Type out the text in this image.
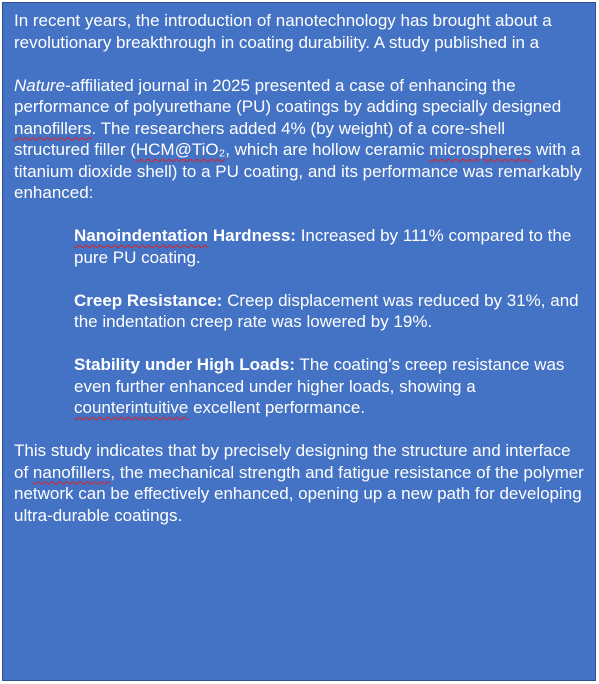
In recent years, the introduction of nanotechnology has brought about a revolutionary breakthrough in coating durability. A study published in a

Nature-affiliated journal in 2025 presented a case of enhancing the performance of polyurethane (PU) coatings by adding specially designed nanofillers. The researchers added 4% (by weight) of a core-shell structured filler (HCM@TiO₂, which are hollow ceramic microspheres with a titanium dioxide shell) to a PU coating, and its performance was remarkably enhanced:

Nanoindentation Hardness: Increased by 111% compared to the pure PU coating.

Creep Resistance: Creep displacement was reduced by 31%, and the indentation creep rate was lowered by 19%.

Stability under High Loads: The coating's creep resistance was even further enhanced under higher loads, showing a counterintuitive excellent performance.

This study indicates that by precisely designing the structure and interface of nanofillers, the mechanical strength and fatigue resistance of the polymer network can be effectively enhanced, opening up a new path for developing ultra-durable coatings.
